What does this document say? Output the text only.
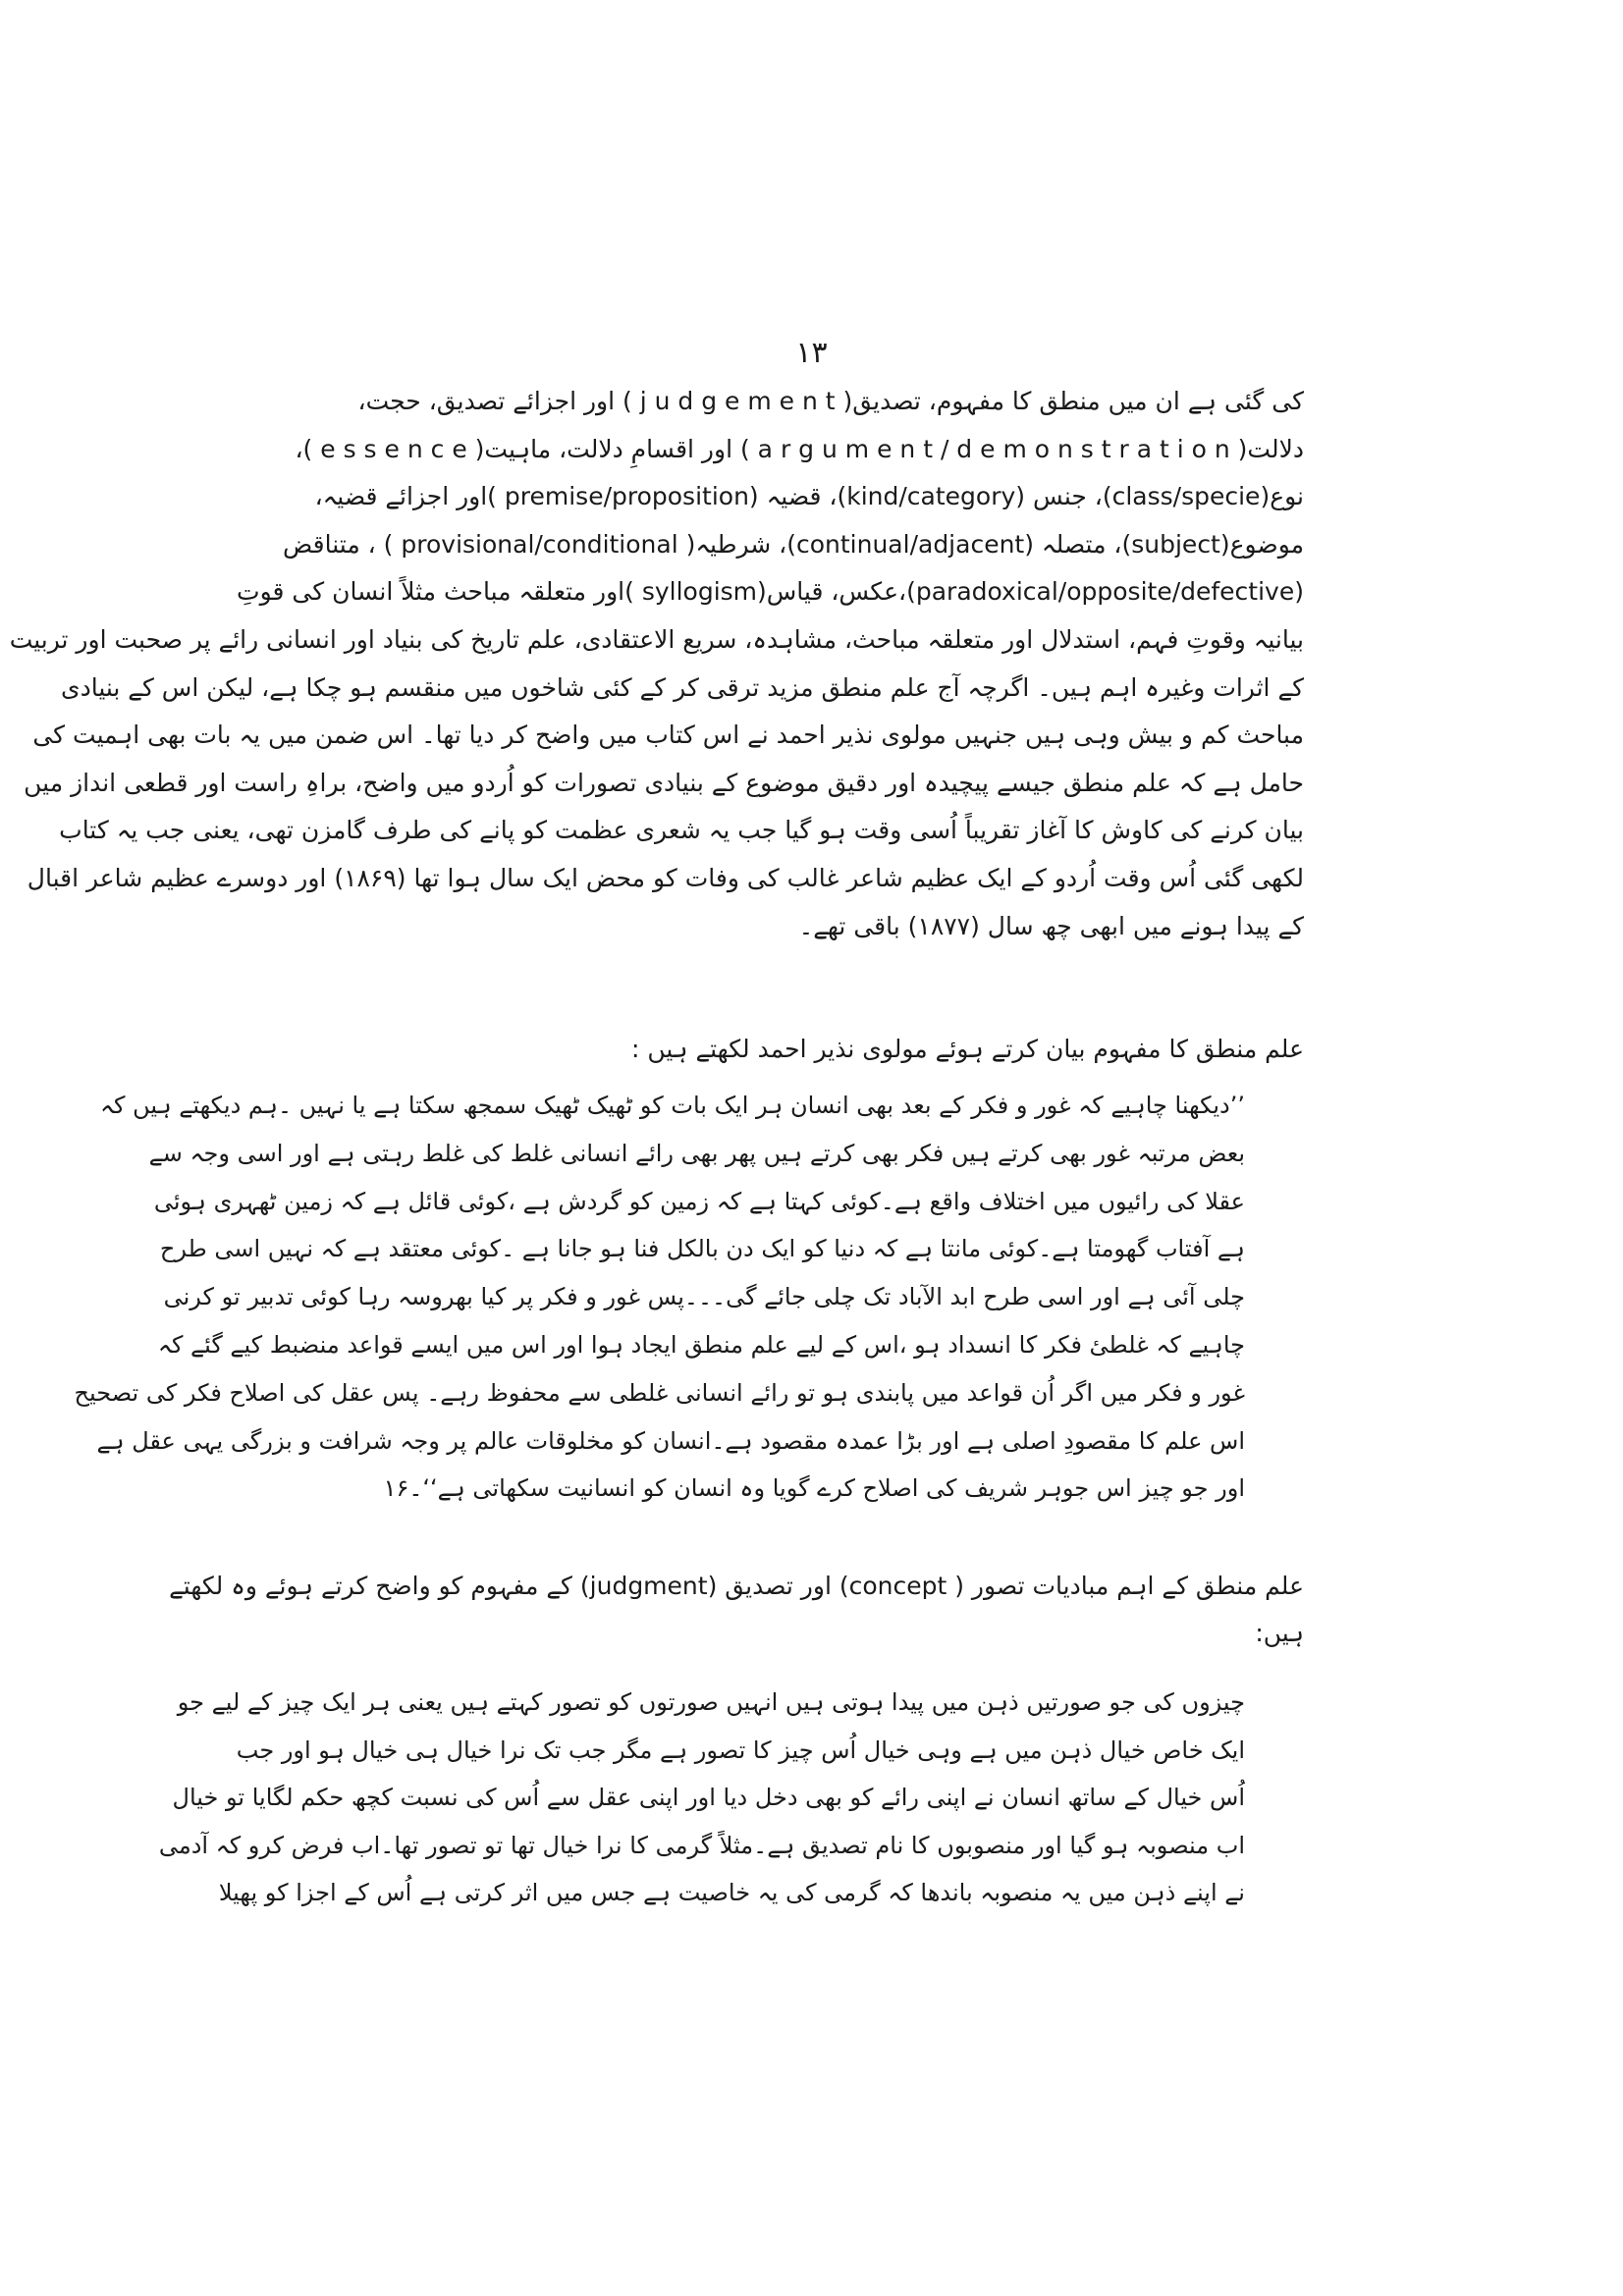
۱۳
کی گئی ہے ان میں منطق کا مفہوم، تصدیق( j u d g e m e n t ) اور اجزائے تصدیق، حجت،
دلالت( a r g u m e n t / d e m o n s t r a t i o n ) اور اقسامِ دلالت، ماہیت( e s s e n c e )،
نوع(class/specie)، جنس (kind/category)، قضیہ (premise/proposition )اور اجزائے قضیہ،
موضوع(subject)، متصلہ (continual/adjacent)، شرطیہ( provisional/conditional ) ، متناقض
(paradoxical/opposite/defective)،عکس، قیاس(syllogism )اور متعلقہ مباحث مثلاً انسان کی قوتِ
بیانیہ وقوتِ فہم، استدلال اور متعلقہ مباحث، مشاہدہ، سریع الاعتقادی، علم تاریخ کی بنیاد اور انسانی رائے پر صحبت اور تربیت
کے اثرات وغیرہ اہم ہیں۔ اگرچہ آج علم منطق مزید ترقی کر کے کئی شاخوں میں منقسم ہو چکا ہے، لیکن اس کے بنیادی
مباحث کم و بیش وہی ہیں جنہیں مولوی نذیر احمد نے اس کتاب میں واضح کر دیا تھا۔ اس ضمن میں یہ بات بھی اہمیت کی
حامل ہے کہ علم منطق جیسے پیچیدہ اور دقیق موضوع کے بنیادی تصورات کو اُردو میں واضح، براہِ راست اور قطعی انداز میں
بیان کرنے کی کاوش کا آغاز تقریباً اُسی وقت ہو گیا جب یہ شعری عظمت کو پانے کی طرف گامزن تھی، یعنی جب یہ کتاب
لکھی گئی اُس وقت اُردو کے ایک عظیم شاعر غالب کی وفات کو محض ایک سال ہوا تھا (۱۸۶۹) اور دوسرے عظیم شاعر اقبال
کے پیدا ہونے میں ابھی چھ سال (۱۸۷۷) باقی تھے۔
علم منطق کا مفہوم بیان کرتے ہوئے مولوی نذیر احمد لکھتے ہیں :
’’دیکھنا چاہیے کہ غور و فکر کے بعد بھی انسان ہر ایک بات کو ٹھیک ٹھیک سمجھ سکتا ہے یا نہیں ۔ہم دیکھتے ہیں کہ
بعض مرتبہ غور بھی کرتے ہیں فکر بھی کرتے ہیں پھر بھی رائے انسانی غلط کی غلط رہتی ہے اور اسی وجہ سے
عقلا کی رائیوں میں اختلاف واقع ہے۔کوئی کہتا ہے کہ زمین کو گردش ہے ،کوئی قائل ہے کہ زمین ٹھہری ہوئی
ہے آفتاب گھومتا ہے۔کوئی مانتا ہے کہ دنیا کو ایک دن بالکل فنا ہو جانا ہے ۔کوئی معتقد ہے کہ نہیں اسی طرح
چلی آئی ہے اور اسی طرح ابد الآباد تک چلی جائے گی۔۔۔پس غور و فکر پر کیا بھروسہ رہا کوئی تدبیر تو کرنی
چاہیے کہ غلطیٔ فکر کا انسداد ہو ،اس کے لیے علم منطق ایجاد ہوا اور اس میں ایسے قواعد منضبط کیے گئے کہ
غور و فکر میں اگر اُن قواعد میں پابندی ہو تو رائے انسانی غلطی سے محفوظ رہے۔ پس عقل کی اصلاح فکر کی تصحیح
اس علم کا مقصودِ اصلی ہے اور بڑا عمدہ مقصود ہے۔انسان کو مخلوقات عالم پر وجہ شرافت و بزرگی یہی عقل ہے
اور جو چیز اس جوہر شریف کی اصلاح کرے گویا وہ انسان کو انسانیت سکھاتی ہے‘‘۔۱۶
علم منطق کے اہم مبادیات تصور ( concept) اور تصدیق (judgment) کے مفہوم کو واضح کرتے ہوئے وہ لکھتے
ہیں:
چیزوں کی جو صورتیں ذہن میں پیدا ہوتی ہیں انہیں صورتوں کو تصور کہتے ہیں یعنی ہر ایک چیز کے لیے جو
ایک خاص خیال ذہن میں ہے وہی خیال اُس چیز کا تصور ہے مگر جب تک نرا خیال ہی خیال ہو اور جب
اُس خیال کے ساتھ انسان نے اپنی رائے کو بھی دخل دیا اور اپنی عقل سے اُس کی نسبت کچھ حکم لگایا تو خیال
اب منصوبہ ہو گیا اور منصوبوں کا نام تصدیق ہے۔مثلاً گرمی کا نرا خیال تھا تو تصور تھا۔اب فرض کرو کہ آدمی
نے اپنے ذہن میں یہ منصوبہ باندھا کہ گرمی کی یہ خاصیت ہے جس میں اثر کرتی ہے اُس کے اجزا کو پھیلا
